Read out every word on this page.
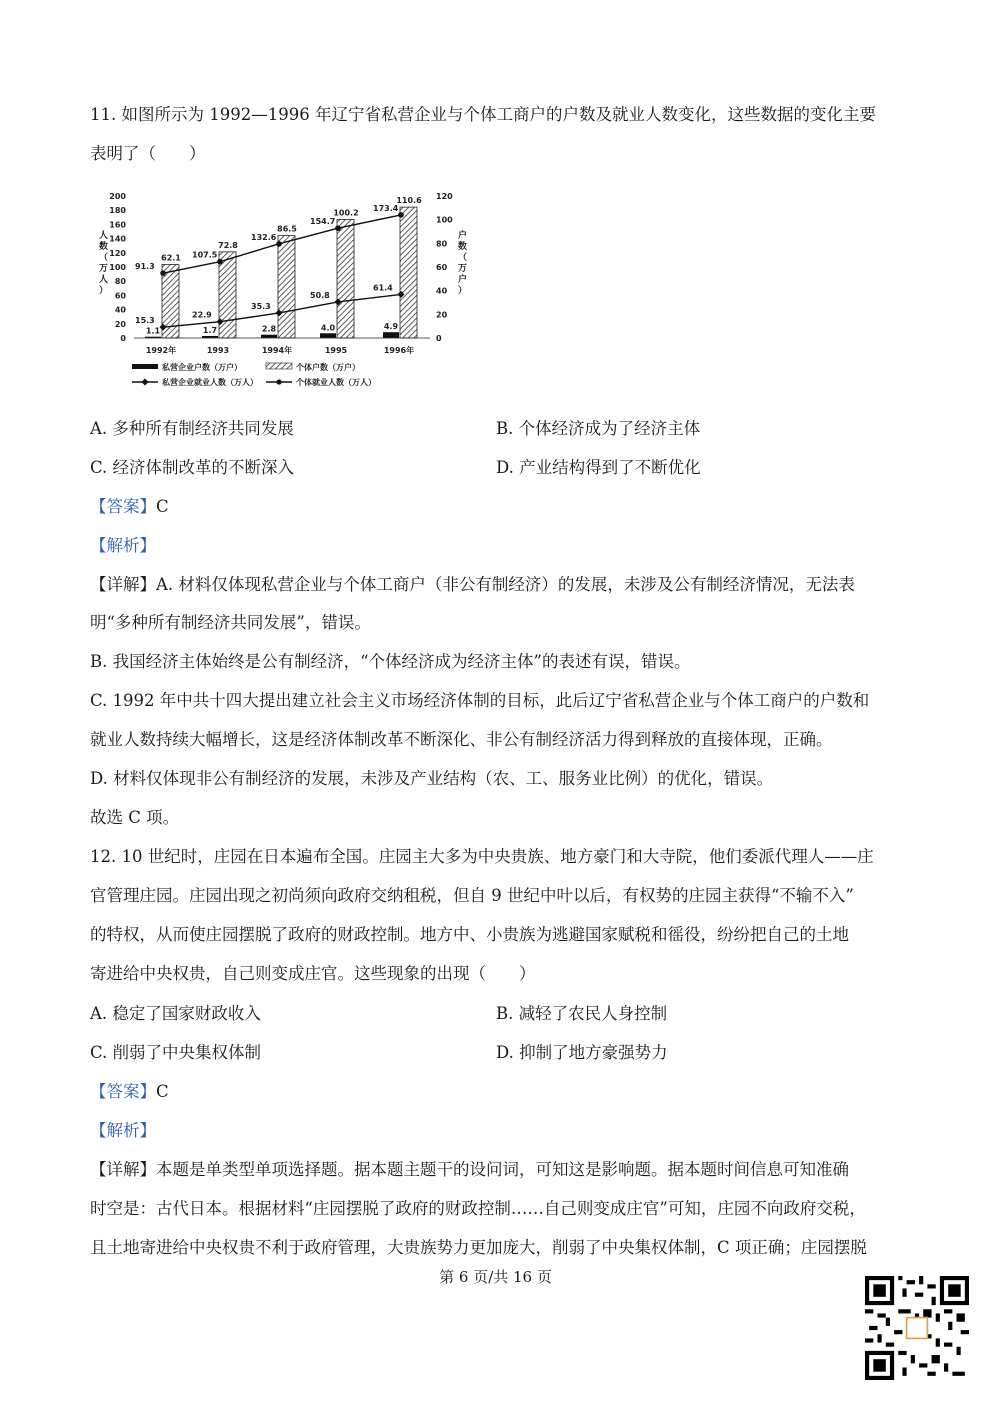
11. 如图所示为 1992—1996 年辽宁省私营企业与个体工商户的户数及就业人数变化，这些数据的变化主要
表明了（　　）
200
180
160
140
120
100
80
60
40
20
0
120
100
80
60
40
20
0
人数（万人）
户数（万户）
62.1
1.1
72.8
1.7
86.5
2.8
100.2
4.0
110.6
4.9
15.3
22.9
35.3
50.8
61.4
91.3
107.5
132.6
154.7
173.4
1992年	1993	1994年	1995	1996年
私营企业户数（万户）	个体户数（万户）
私营企业就业人数（万人）	个体就业人数（万人）
A. 多种所有制经济共同发展	B. 个体经济成为了经济主体
C. 经济体制改革的不断深入	D. 产业结构得到了不断优化
【答案】C
【解析】
【详解】A. 材料仅体现私营企业与个体工商户（非公有制经济）的发展，未涉及公有制经济情况，无法表
明“多种所有制经济共同发展”，错误。
B. 我国经济主体始终是公有制经济，“个体经济成为经济主体”的表述有误，错误。
C. 1992 年中共十四大提出建立社会主义市场经济体制的目标，此后辽宁省私营企业与个体工商户的户数和
就业人数持续大幅增长，这是经济体制改革不断深化、非公有制经济活力得到释放的直接体现，正确。
D. 材料仅体现非公有制经济的发展，未涉及产业结构（农、工、服务业比例）的优化，错误。
故选 C 项。
12. 10 世纪时，庄园在日本遍布全国。庄园主大多为中央贵族、地方豪门和大寺院，他们委派代理人——庄
官管理庄园。庄园出现之初尚须向政府交纳租税，但自 9 世纪中叶以后，有权势的庄园主获得“不输不入”
的特权，从而使庄园摆脱了政府的财政控制。地方中、小贵族为逃避国家赋税和徭役，纷纷把自己的土地
寄进给中央权贵，自己则变成庄官。这些现象的出现（　　）
A. 稳定了国家财政收入	B. 减轻了农民人身控制
C. 削弱了中央集权体制	D. 抑制了地方豪强势力
【答案】C
【解析】
【详解】本题是单类型单项选择题。据本题主题干的设问词，可知这是影响题。据本题时间信息可知准确
时空是：古代日本。根据材料“庄园摆脱了政府的财政控制……自己则变成庄官”可知，庄园不向政府交税，
且土地寄进给中央权贵不利于政府管理，大贵族势力更加庞大，削弱了中央集权体制，C 项正确；庄园摆脱
第 6 页/共 16 页
